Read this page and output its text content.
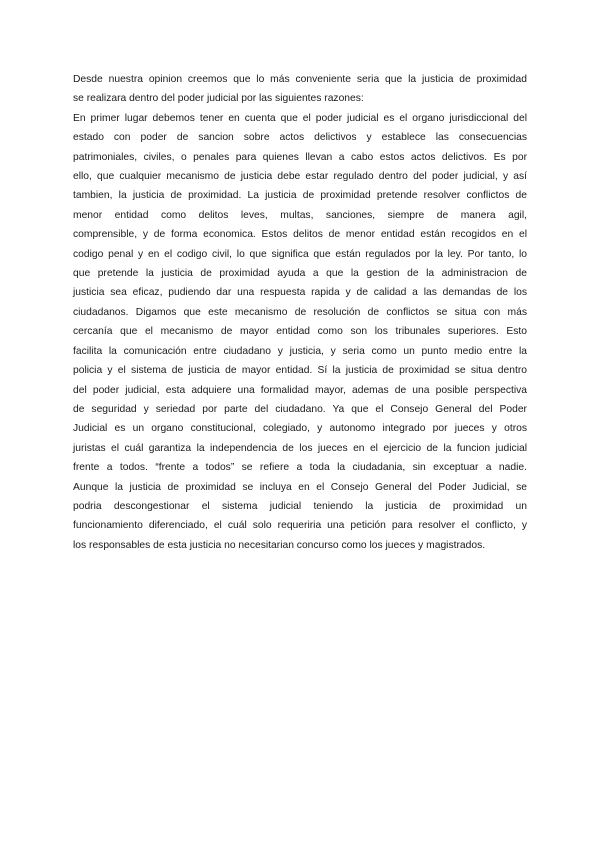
Desde nuestra opinion creemos que lo más conveniente seria que la justicia de proximidad
se realizara dentro del poder judicial por las siguientes razones:
En primer lugar debemos tener en cuenta que el poder judicial es el organo jurisdiccional del
estado con poder de sancion sobre actos delictivos y establece las consecuencias
patrimoniales, civiles, o penales para quienes llevan a cabo estos actos delictivos. Es por
ello, que cualquier mecanismo de justicia debe estar regulado dentro del poder judicial, y así
tambien, la justicia de proximidad. La justicia de proximidad pretende resolver conflictos de
menor entidad como delitos leves, multas, sanciones, siempre de manera agil,
comprensible, y de forma economica. Estos delitos de menor entidad están recogidos en el
codigo penal y en el codigo civil, lo que significa que están regulados por la ley. Por tanto, lo
que pretende la justicia de proximidad ayuda a que la gestion de la administracion de
justicia sea eficaz, pudiendo dar una respuesta rapida y de calidad a las demandas de los
ciudadanos. Digamos que este mecanismo de resolución de conflictos se situa con más
cercanía que el mecanismo de mayor entidad como son los tribunales superiores. Esto
facilita la comunicación entre ciudadano y justicia, y seria como un punto medio entre la
policia y el sistema de justicia de mayor entidad. Sí la justicia de proximidad se situa dentro
del poder judicial, esta adquiere una formalidad mayor, ademas de una posible perspectiva
de seguridad y seriedad por parte del ciudadano. Ya que el Consejo General del Poder
Judicial es un organo constitucional, colegiado, y autonomo integrado por jueces y otros
juristas el cuál garantiza la independencia de los jueces en el ejercicio de la funcion judicial
frente a todos. “frente a todos” se refiere a toda la ciudadania, sin exceptuar a nadie.
Aunque la justicia de proximidad se incluya en el Consejo General del Poder Judicial, se
podria descongestionar el sistema judicial teniendo la justicia de proximidad un
funcionamiento diferenciado, el cuál solo requeriria una petición para resolver el conflicto, y
los responsables de esta justicia no necesitarian concurso como los jueces y magistrados.
